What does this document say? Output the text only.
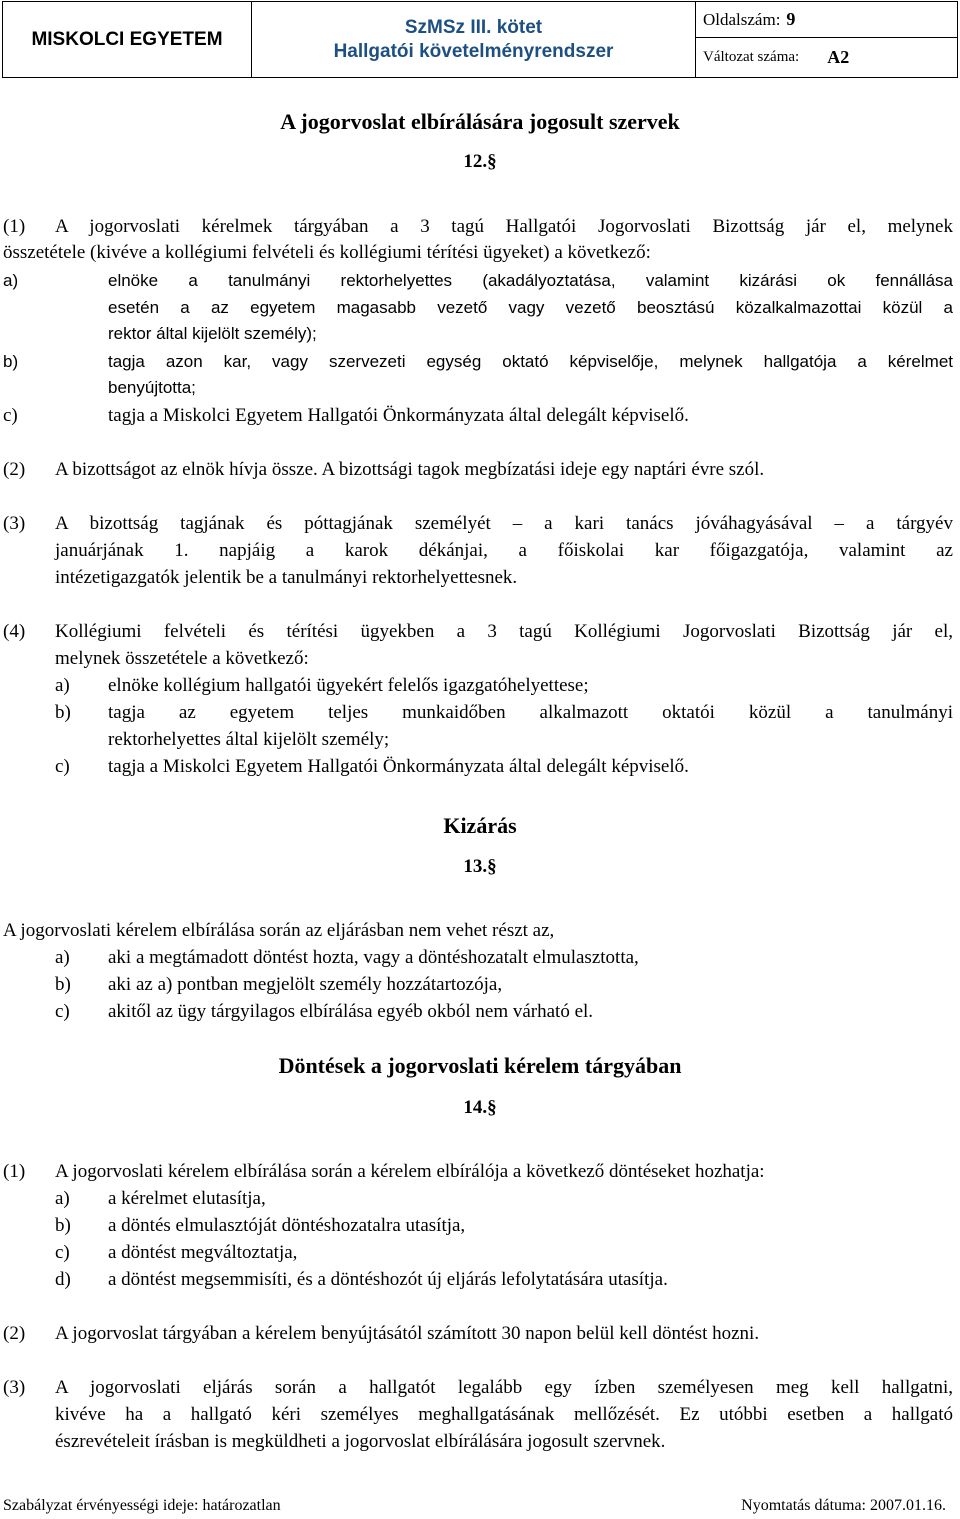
MISKOLCI EGYETEM
SzMSz III. kötet
Hallgatói követelményrendszer
Oldalszám: 9
Változat száma: A2
A jogorvoslat elbírálására jogosult szervek
12.§
(1) A jogorvoslati kérelmek tárgyában a 3 tagú Hallgatói Jogorvoslati Bizottság jár el, melynek
összetétele (kivéve a kollégiumi felvételi és kollégiumi térítési ügyeket) a következő:
a)	elnöke a tanulmányi rektorhelyettes (akadályoztatása, valamint kizárási ok fennállása
esetén a az egyetem magasabb vezető vagy vezető beosztású közalkalmazottai közül a
rektor által kijelölt személy);
b)	tagja azon kar, vagy szervezeti egység oktató képviselője, melynek hallgatója a kérelmet
benyújtotta;
c)	tagja a Miskolci Egyetem Hallgatói Önkormányzata által delegált képviselő.
(2) A bizottságot az elnök hívja össze. A bizottsági tagok megbízatási ideje egy naptári évre szól.
(3) A bizottság tagjának és póttagjának személyét – a kari tanács jóváhagyásával – a tárgyév
januárjának 1. napjáig a karok dékánjai, a főiskolai kar főigazgatója, valamint az
intézetigazgatók jelentik be a tanulmányi rektorhelyettesnek.
(4) Kollégiumi felvételi és térítési ügyekben a 3 tagú Kollégiumi Jogorvoslati Bizottság jár el,
melynek összetétele a következő:
a) elnöke kollégium hallgatói ügyekért felelős igazgatóhelyettese;
b) tagja az egyetem teljes munkaidőben alkalmazott oktatói közül a tanulmányi
rektorhelyettes által kijelölt személy;
c) tagja a Miskolci Egyetem Hallgatói Önkormányzata által delegált képviselő.
Kizárás
13.§
A jogorvoslati kérelem elbírálása során az eljárásban nem vehet részt az,
a) aki a megtámadott döntést hozta, vagy a döntéshozatalt elmulasztotta,
b) aki az a) pontban megjelölt személy hozzátartozója,
c) akitől az ügy tárgyilagos elbírálása egyéb okból nem várható el.
Döntések a jogorvoslati kérelem tárgyában
14.§
(1) A jogorvoslati kérelem elbírálása során a kérelem elbírálója a következő döntéseket hozhatja:
a) a kérelmet elutasítja,
b) a döntés elmulasztóját döntéshozatalra utasítja,
c) a döntést megváltoztatja,
d) a döntést megsemmisíti, és a döntéshozót új eljárás lefolytatására utasítja.
(2) A jogorvoslat tárgyában a kérelem benyújtásától számított 30 napon belül kell döntést hozni.
(3) A jogorvoslati eljárás során a hallgatót legalább egy ízben személyesen meg kell hallgatni,
kivéve ha a hallgató kéri személyes meghallgatásának mellőzését. Ez utóbbi esetben a hallgató
észrevételeit írásban is megküldheti a jogorvoslat elbírálására jogosult szervnek.
Szabályzat érvényességi ideje: határozatlan	Nyomtatás dátuma: 2007.01.16.
